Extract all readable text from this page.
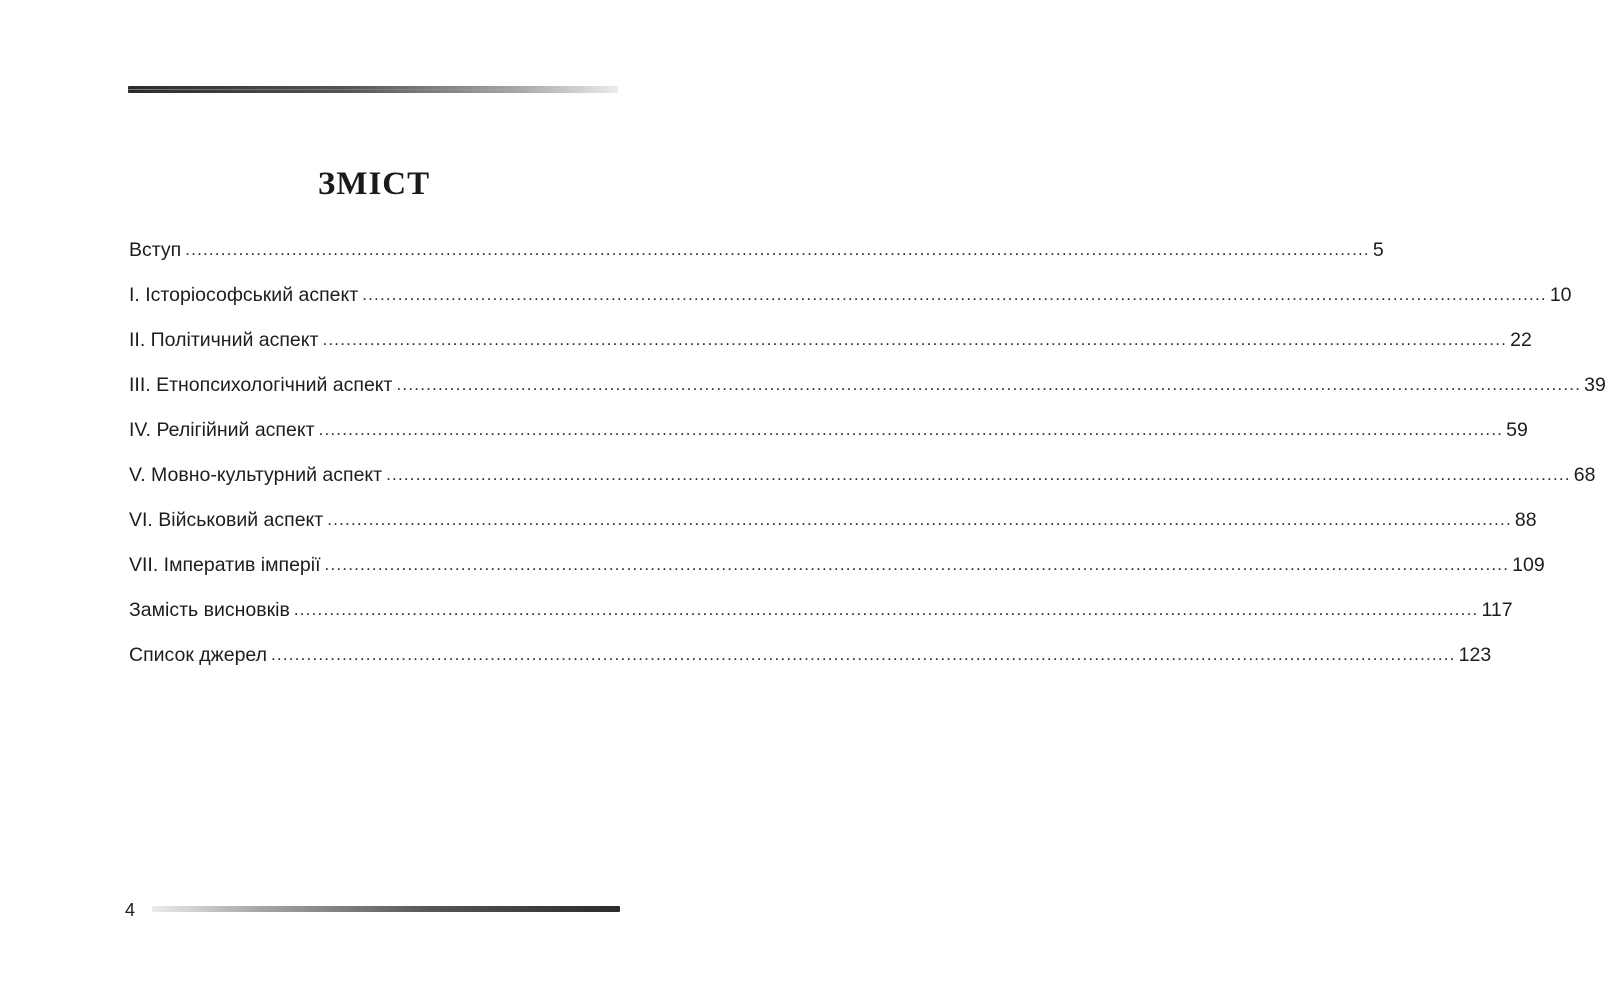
ЗМІСТ
Вступ ........................................................................................................................................................................................................ 5
І. Історіософський аспект ........................................................................................................................................................................................................ 10
ІІ. Політичний аспект ........................................................................................................................................................................................................ 22
ІІІ. Етнопсихологічний аспект ........................................................................................................................................................................................................ 39
ІV. Релігійний аспект ........................................................................................................................................................................................................ 59
V. Мовно-культурний аспект ........................................................................................................................................................................................................ 68
VI. Військовий аспект ........................................................................................................................................................................................................ 88
VII. Імператив імперії ........................................................................................................................................................................................................ 109
Замість висновків ........................................................................................................................................................................................................ 117
Список джерел ........................................................................................................................................................................................................ 123
4
